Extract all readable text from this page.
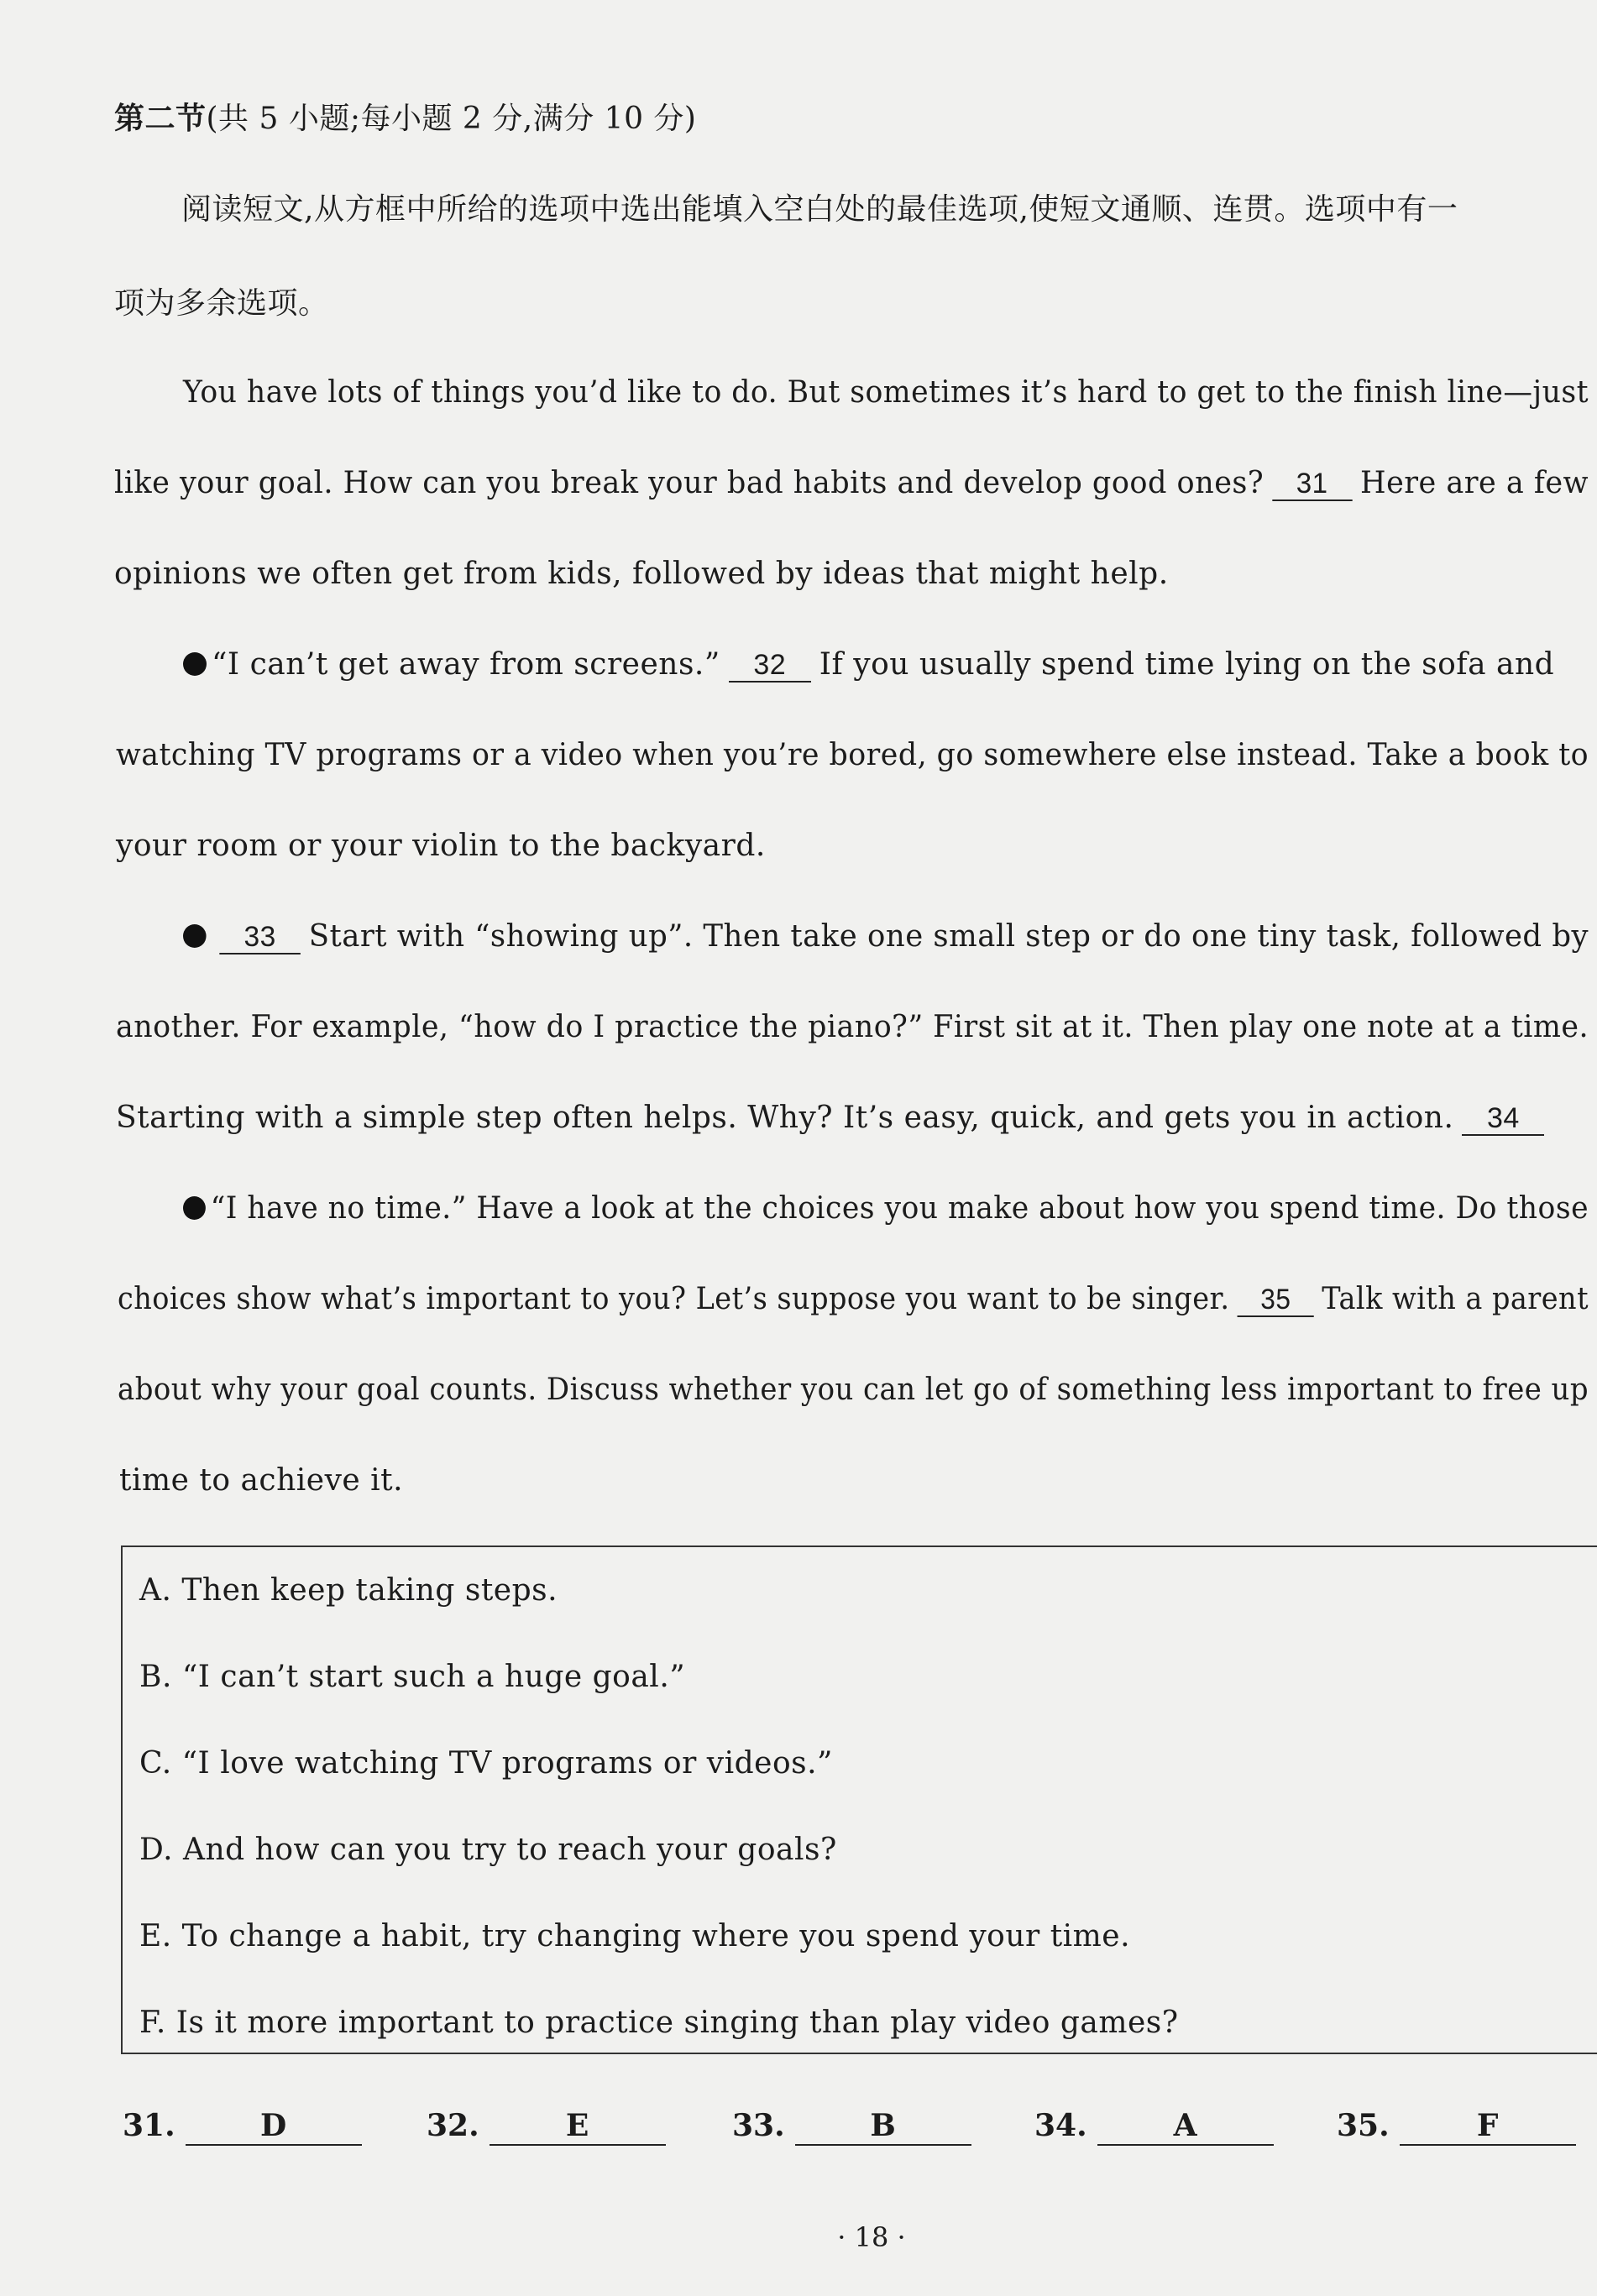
第二节(共 5 小题;每小题 2 分,满分 10 分)
阅读短文,从方框中所给的选项中选出能填入空白处的最佳选项,使短文通顺、连贯。选项中有一
项为多余选项。
You have lots of things you’d like to do. But sometimes it’s hard to get to the finish line—just
like your goal. How can you break your bad habits and develop good ones? 31 Here are a few
opinions we often get from kids, followed by ideas that might help.
“I can’t get away from screens.” 32 If you usually spend time lying on the sofa and
watching TV programs or a video when you’re bored, go somewhere else instead. Take a book to
your room or your violin to the backyard.
33 Start with “showing up”. Then take one small step or do one tiny task, followed by
another. For example, “how do I practice the piano?” First sit at it. Then play one note at a time.
Starting with a simple step often helps. Why? It’s easy, quick, and gets you in action. 34
“I have no time.” Have a look at the choices you make about how you spend time. Do those
choices show what’s important to you? Let’s suppose you want to be singer. 35 Talk with a parent
about why your goal counts. Discuss whether you can let go of something less important to free up
time to achieve it.
A. Then keep taking steps.
B. “I can’t start such a huge goal.”
C. “I love watching TV programs or videos.”
D. And how can you try to reach your goals?
E. To change a habit, try changing where you spend your time.
F. Is it more important to practice singing than play video games?
31.	D	32.	E	33.	B	34.	A	35.	F
· 18 ·
